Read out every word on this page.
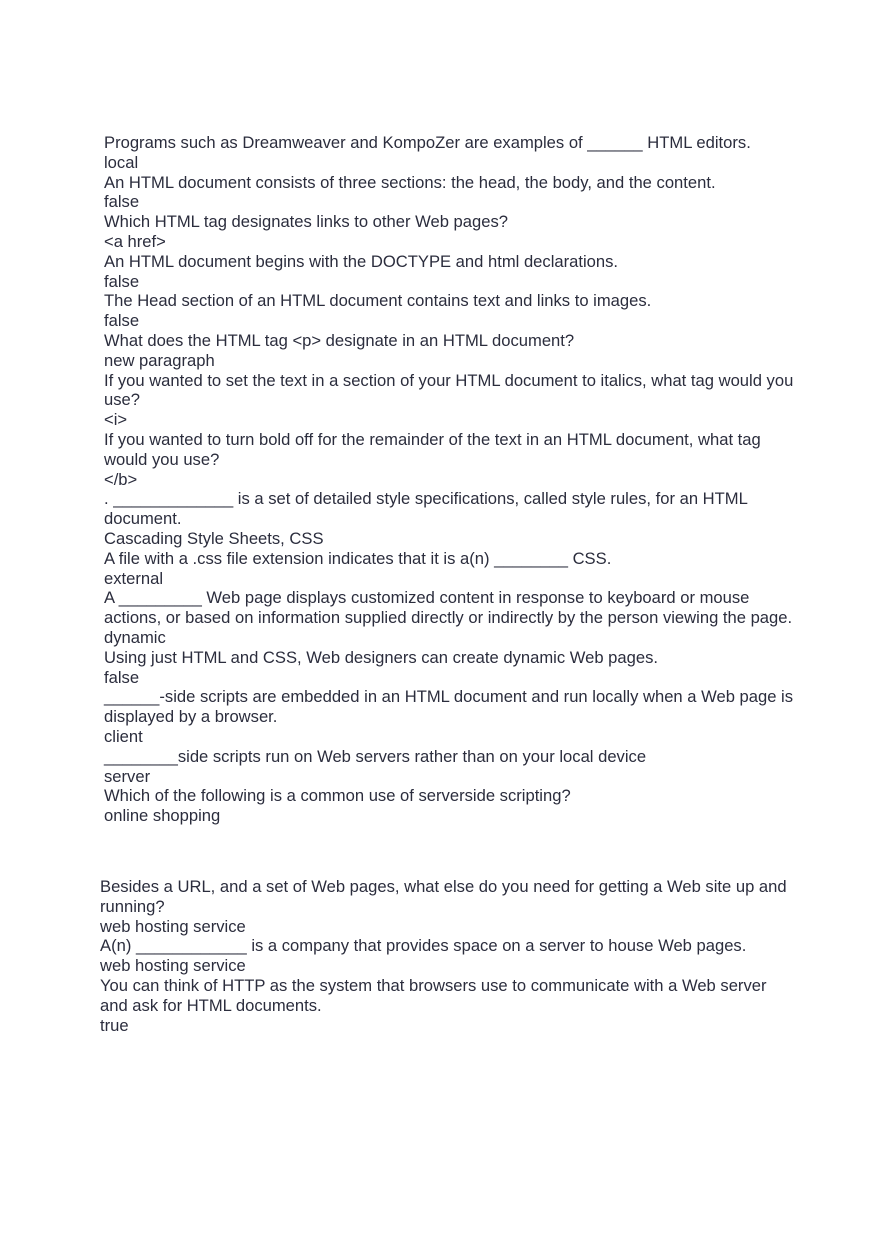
Programs such as Dreamweaver and KompoZer are examples of ______ HTML editors.
local
An HTML document consists of three sections: the head, the body, and the content.
false
Which HTML tag designates links to other Web pages?
<a href>
An HTML document begins with the DOCTYPE and html declarations.
false
The Head section of an HTML document contains text and links to images.
false
What does the HTML tag <p> designate in an HTML document?
new paragraph
If you wanted to set the text in a section of your HTML document to italics, what tag would you use?
<i>
If you wanted to turn bold off for the remainder of the text in an HTML document, what tag would you use?
</b>
. _____________ is a set of detailed style specifications, called style rules, for an HTML document.
Cascading Style Sheets, CSS
A file with a .css file extension indicates that it is a(n) ________ CSS.
external
A _________ Web page displays customized content in response to keyboard or mouse actions, or based on information supplied directly or indirectly by the person viewing the page.
dynamic
Using just HTML and CSS, Web designers can create dynamic Web pages.
false
______-side scripts are embedded in an HTML document and run locally when a Web page is displayed by a browser.
client
________side scripts run on Web servers rather than on your local device
server
Which of the following is a common use of serverside scripting?
online shopping
Besides a URL, and a set of Web pages, what else do you need for getting a Web site up and running?
web hosting service
A(n) ____________ is a company that provides space on a server to house Web pages.
web hosting service
You can think of HTTP as the system that browsers use to communicate with a Web server and ask for HTML documents.
true
